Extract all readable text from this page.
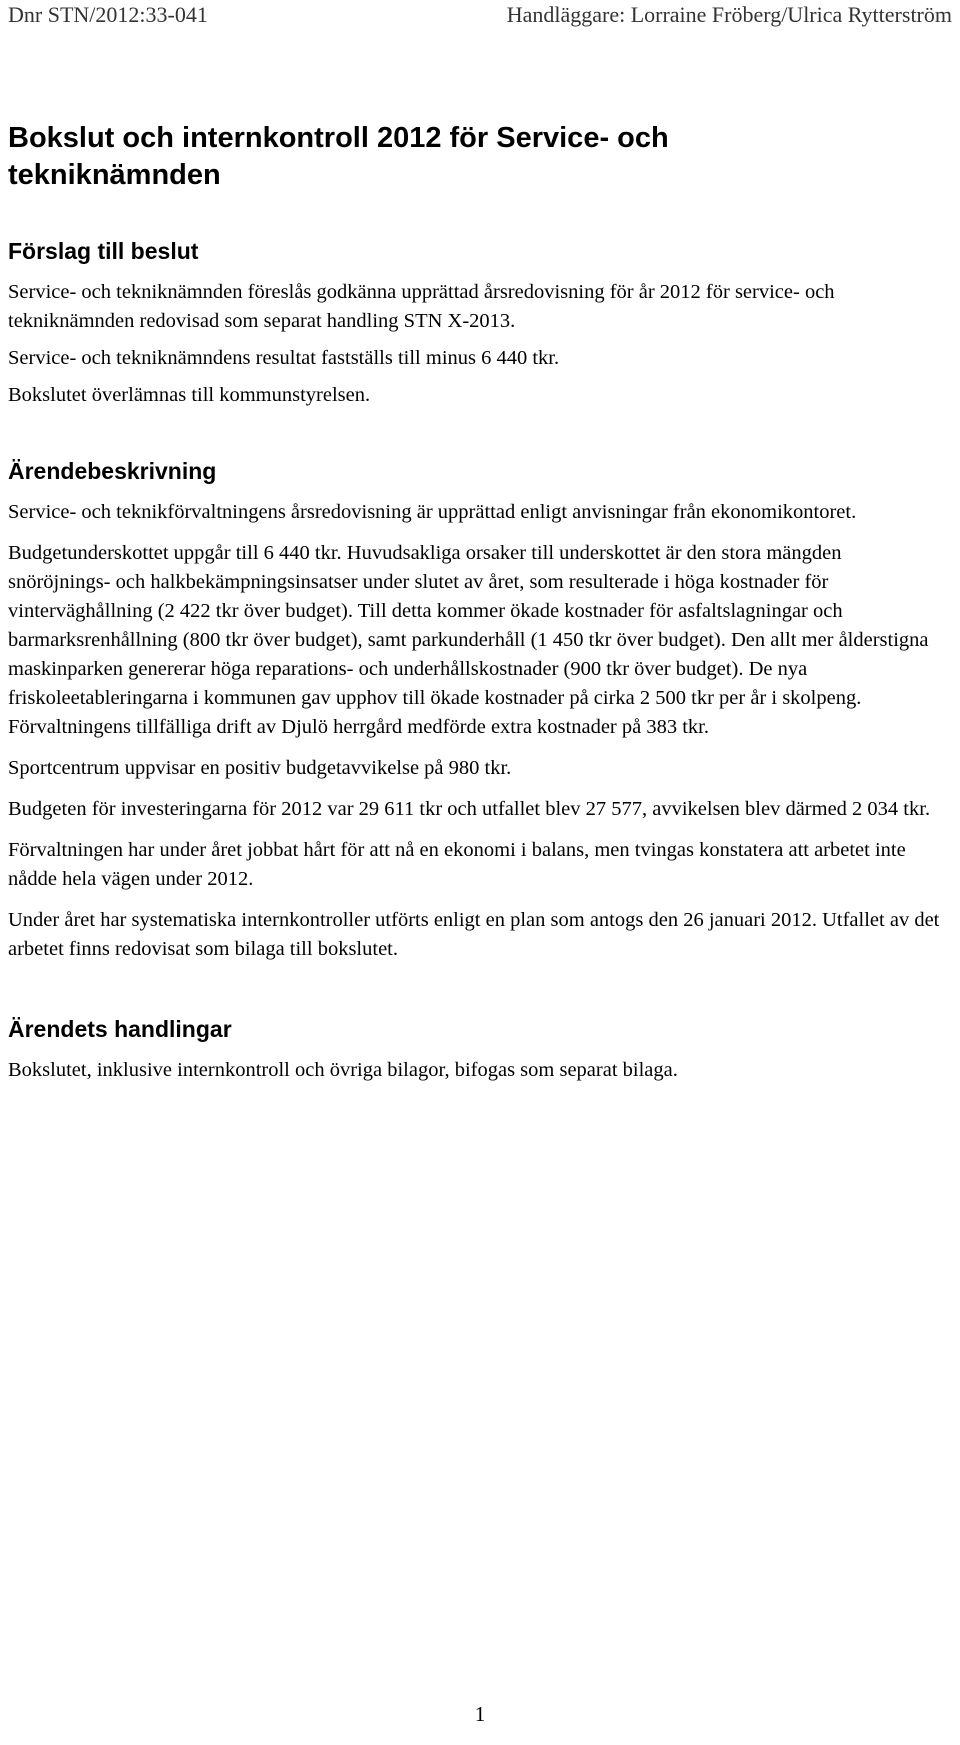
Dnr STN/2012:33-041	Handläggare: Lorraine Fröberg/Ulrica Rytterström
Bokslut och internkontroll 2012 för Service- och tekniknämnden
Förslag till beslut

Service- och tekniknämnden föreslås godkänna upprättad årsredovisning för år 2012 för service- och tekniknämnden redovisad som separat handling STN X-2013.

Service- och tekniknämndens resultat fastställs till minus 6 440 tkr.

Bokslutet överlämnas till kommunstyrelsen.

Ärendebeskrivning

Service- och teknikförvaltningens årsredovisning är upprättad enligt anvisningar från ekonomikontoret.

Budgetunderskottet uppgår till 6 440 tkr. Huvudsakliga orsaker till underskottet är den stora mängden snöröjnings- och halkbekämpningsinsatser under slutet av året, som resulterade i höga kostnader för vinterväghållning (2 422 tkr över budget). Till detta kommer ökade kostnader för asfaltslagningar och barmarksrenhållning (800 tkr över budget), samt parkunderhåll (1 450 tkr över budget). Den allt mer ålderstigna maskinparken genererar höga reparations- och underhållskostnader (900 tkr över budget). De nya friskoleetableringarna i kommunen gav upphov till ökade kostnader på cirka 2 500 tkr per år i skolpeng. Förvaltningens tillfälliga drift av Djulö herrgård medförde extra kostnader på 383 tkr.

Sportcentrum uppvisar en positiv budgetavvikelse på 980 tkr.

Budgeten för investeringarna för 2012 var 29 611 tkr och utfallet blev 27 577, avvikelsen blev därmed 2 034 tkr.

Förvaltningen har under året jobbat hårt för att nå en ekonomi i balans, men tvingas konstatera att arbetet inte nådde hela vägen under 2012.

Under året har systematiska internkontroller utförts enligt en plan som antogs den 26 januari 2012. Utfallet av det arbetet finns redovisat som bilaga till bokslutet.

Ärendets handlingar

Bokslutet, inklusive internkontroll och övriga bilagor, bifogas som separat bilaga.

1
